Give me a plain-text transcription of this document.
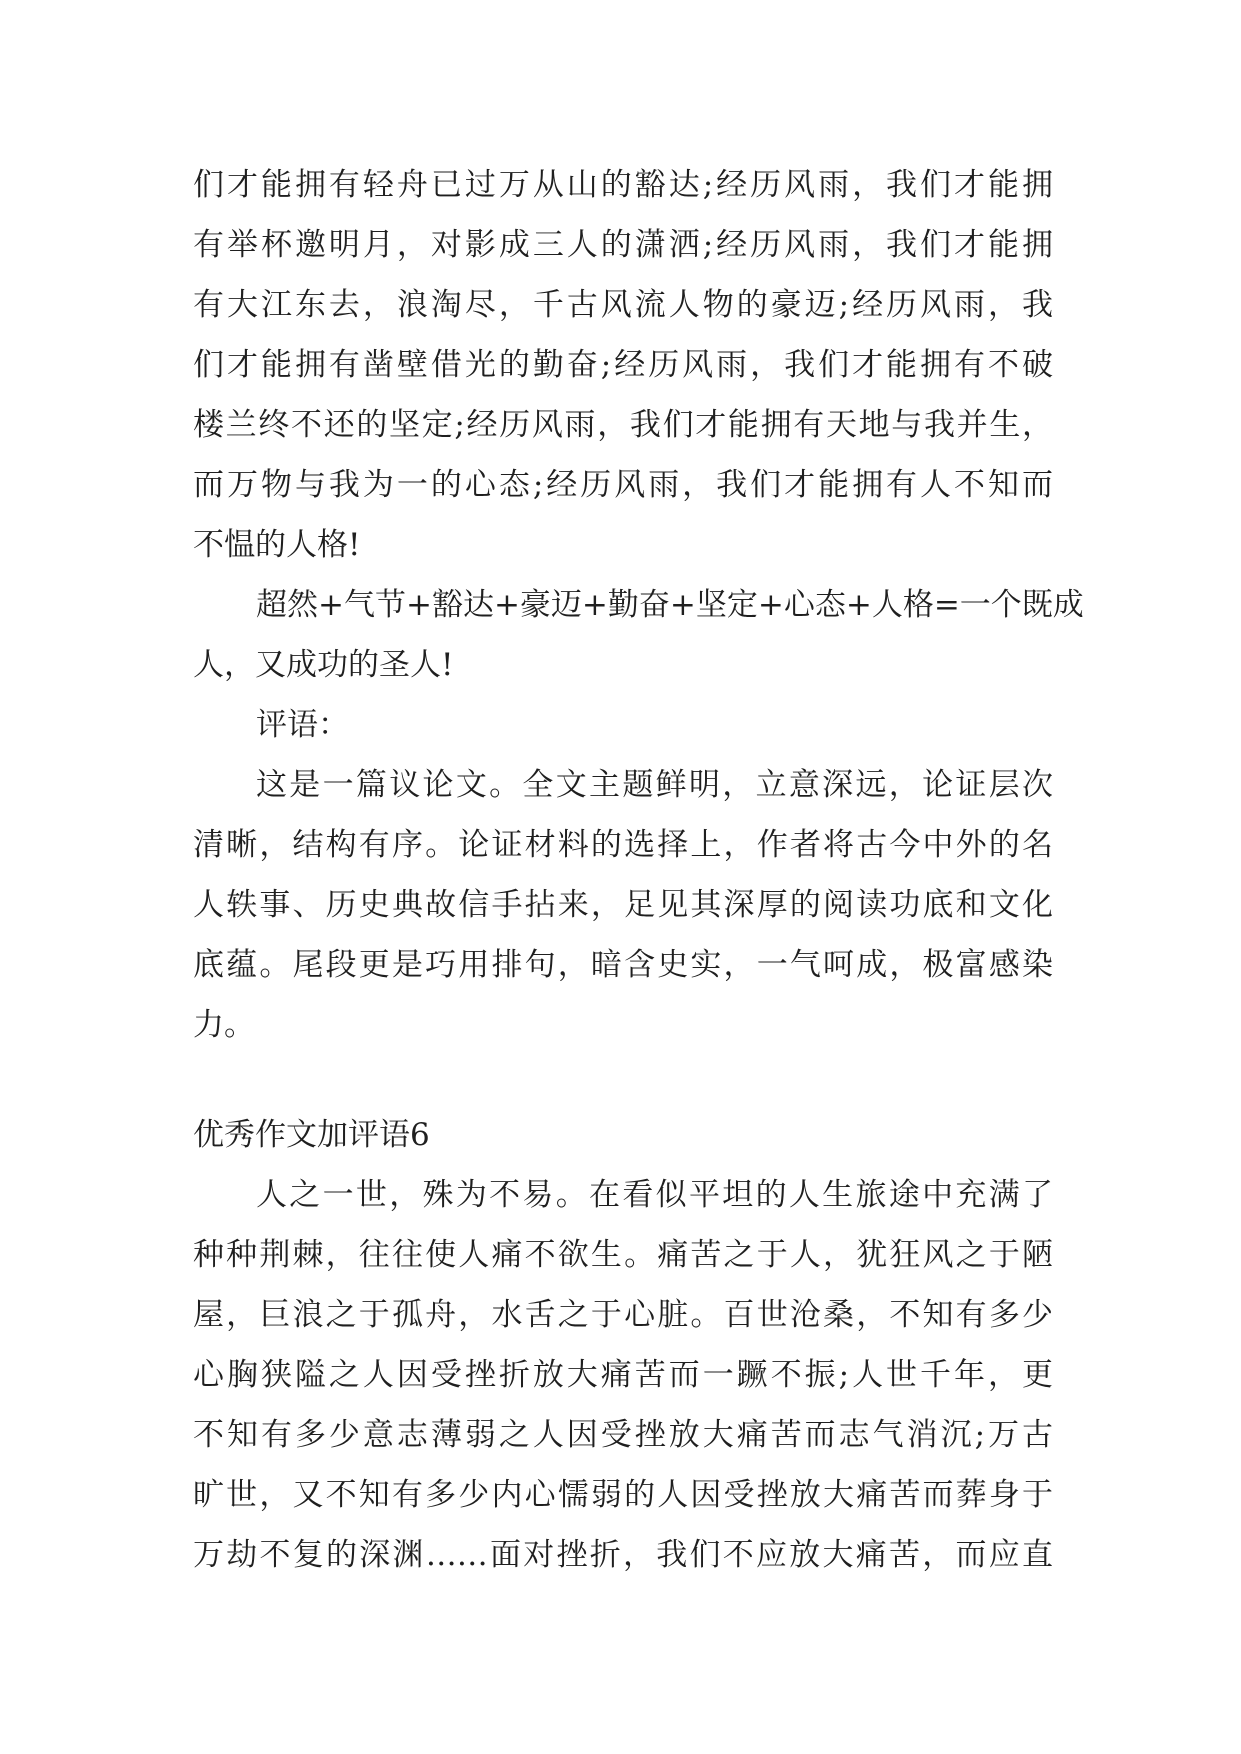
们才能拥有轻舟已过万从山的豁达;经历风雨，我们才能拥
有举杯邀明月，对影成三人的潇洒;经历风雨，我们才能拥
有大江东去，浪淘尽，千古风流人物的豪迈;经历风雨，我
们才能拥有凿壁借光的勤奋;经历风雨，我们才能拥有不破
楼兰终不还的坚定;经历风雨，我们才能拥有天地与我并生，
而万物与我为一的心态;经历风雨，我们才能拥有人不知而
不愠的人格!
超然+气节+豁达+豪迈+勤奋+坚定+心态+人格=一个既成
人，又成功的圣人!
评语：
这是一篇议论文。全文主题鲜明，立意深远，论证层次
清晰，结构有序。论证材料的选择上，作者将古今中外的名
人轶事、历史典故信手拈来，足见其深厚的阅读功底和文化
底蕴。尾段更是巧用排句，暗含史实，一气呵成，极富感染
力。
优秀作文加评语6
人之一世，殊为不易。在看似平坦的人生旅途中充满了
种种荆棘，往往使人痛不欲生。痛苦之于人，犹狂风之于陋
屋，巨浪之于孤舟，水舌之于心脏。百世沧桑，不知有多少
心胸狭隘之人因受挫折放大痛苦而一蹶不振;人世千年，更
不知有多少意志薄弱之人因受挫放大痛苦而志气消沉;万古
旷世，又不知有多少内心懦弱的人因受挫放大痛苦而葬身于
万劫不复的深渊……面对挫折，我们不应放大痛苦，而应直
